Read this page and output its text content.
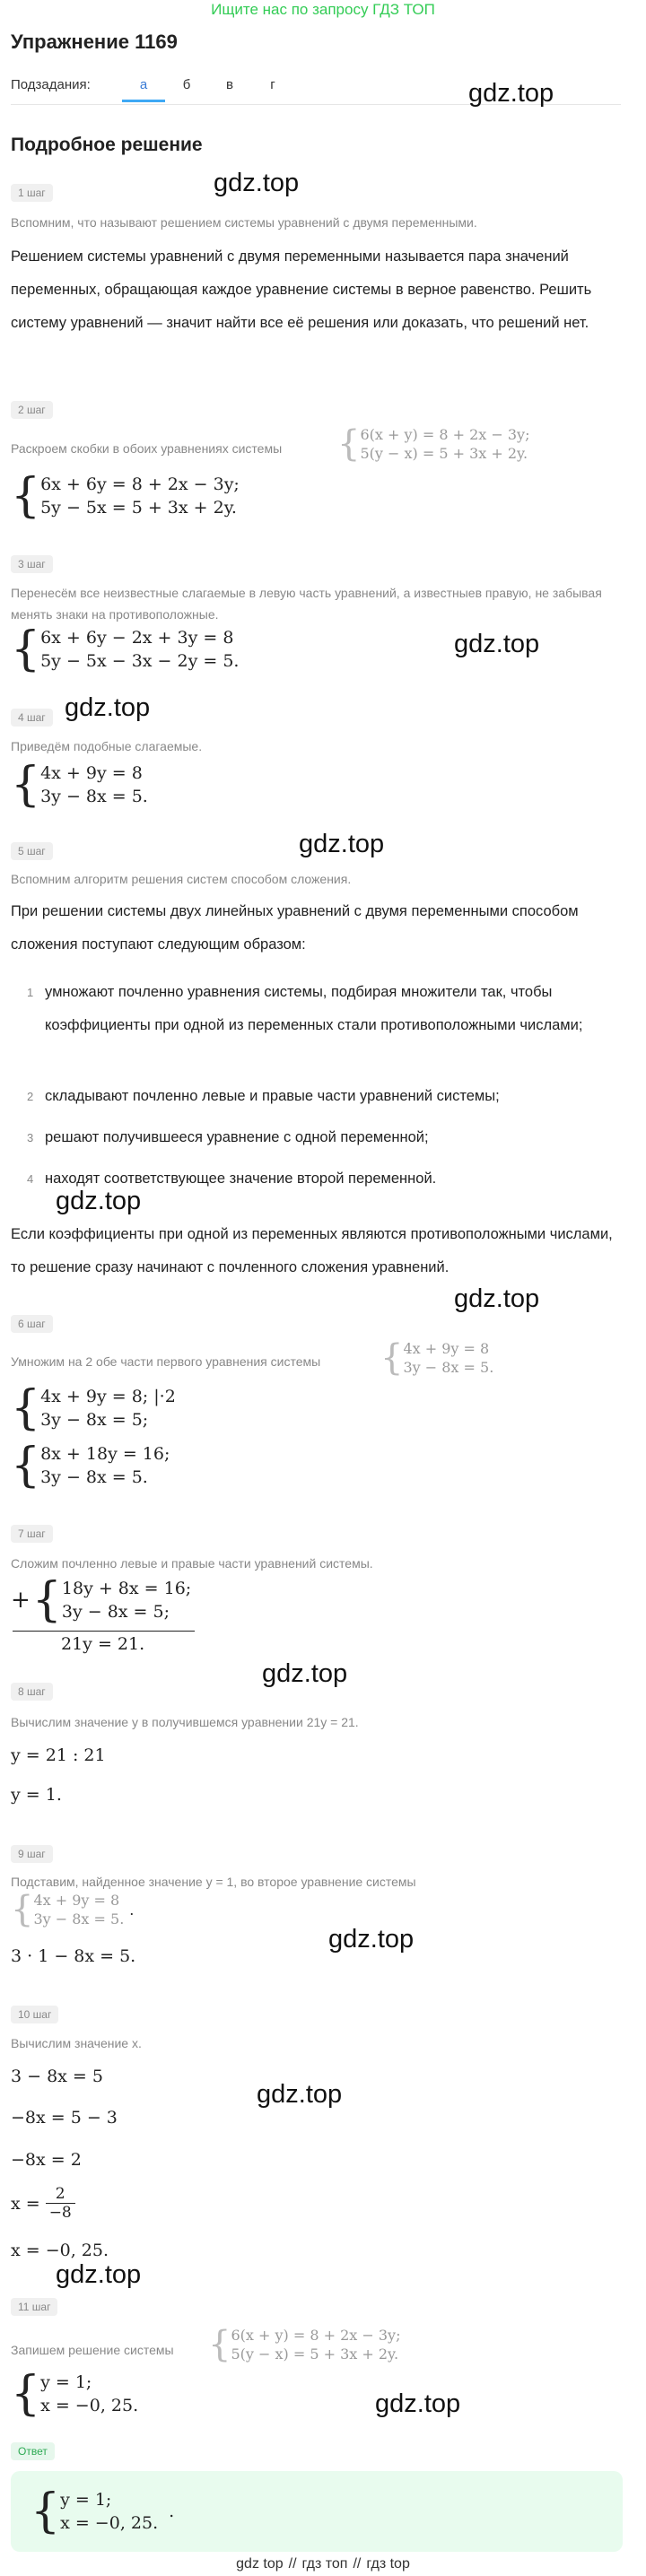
Ищите нас по запросу ГДЗ ТОП
Упражнение 1169
Подзадания:	а	б	в	г	gdz.top
Подробное решение
1 шаг	gdz.top
Вспомним, что называют решением системы уравнений с двумя переменными.
Решением системы уравнений с двумя переменными называется пара значений переменных, обращающая каждое уравнение системы в верное равенство. Решить систему уравнений — значит найти все её решения или доказать, что решений нет.
2 шаг
Раскроем скобки в обоих уравнениях системы	{ 6(x + y) = 8 + 2x − 3y;
5(y − x) = 5 + 3x + 2y.
{ 6x + 6y = 8 + 2x − 3y;
5y − 5x = 5 + 3x + 2y.
3 шаг
Перенесём все неизвестные слагаемые в левую часть уравнений, а известныев правую, не забывая менять знаки на противоположные.
{ 6x + 6y − 2x + 3y = 8
5y − 5x − 3x − 2y = 5.
gdz.top
4 шаг gdz.top
Приведём подобные слагаемые.
{ 4x + 9y = 8
3y − 8x = 5.
gdz.top
5 шаг
Вспомним алгоритм решения систем способом сложения.
При решении системы двух линейных уравнений с двумя переменными способом сложения поступают следующим образом:
1 умножают почленно уравнения системы, подбирая множители так, чтобы коэффициенты при одной из переменных стали противоположными числами;
2 складывают почленно левые и правые части уравнений системы;
3 решают получившееся уравнение с одной переменной;
4 находят соответствующее значение второй переменной.
gdz.top
Если коэффициенты при одной из переменных являются противоположными числами, то решение сразу начинают с почленного сложения уравнений.
gdz.top
6 шаг
Умножим на 2 обе части первого уравнения системы	{ 4x + 9y = 8
3y − 8x = 5.
{ 4x + 9y = 8; |·2
3y − 8x = 5;
{ 8x + 18y = 16;
3y − 8x = 5.
7 шаг
Сложим почленно левые и правые части уравнений системы.
+ { 18y + 8x = 16;
3y − 8x = 5;
21y = 21.
gdz.top
8 шаг
Вычислим значение y в получившемся уравнении 21y = 21.
y = 21 : 21
y = 1.
9 шаг
Подставим, найденное значение y = 1, во второе уравнение системы
{ 4x + 9y = 8
3y − 8x = 5.
.
gdz.top
3 · 1 − 8x = 5.
10 шаг
Вычислим значение x.
3 − 8x = 5
−8x = 5 − 3
gdz.top
−8x = 2
$x = \frac{2}{-8}$
x = −0, 25.
gdz.top
11 шаг
Запишем решение системы { 6(x + y) = 8 + 2x − 3y;
5(y − x) = 5 + 3x + 2y.
{ y = 1;
x = −0, 25.	gdz.top
Ответ
{ y = 1;
x = −0, 25.
.
gdz top // гдз топ // гдз top
